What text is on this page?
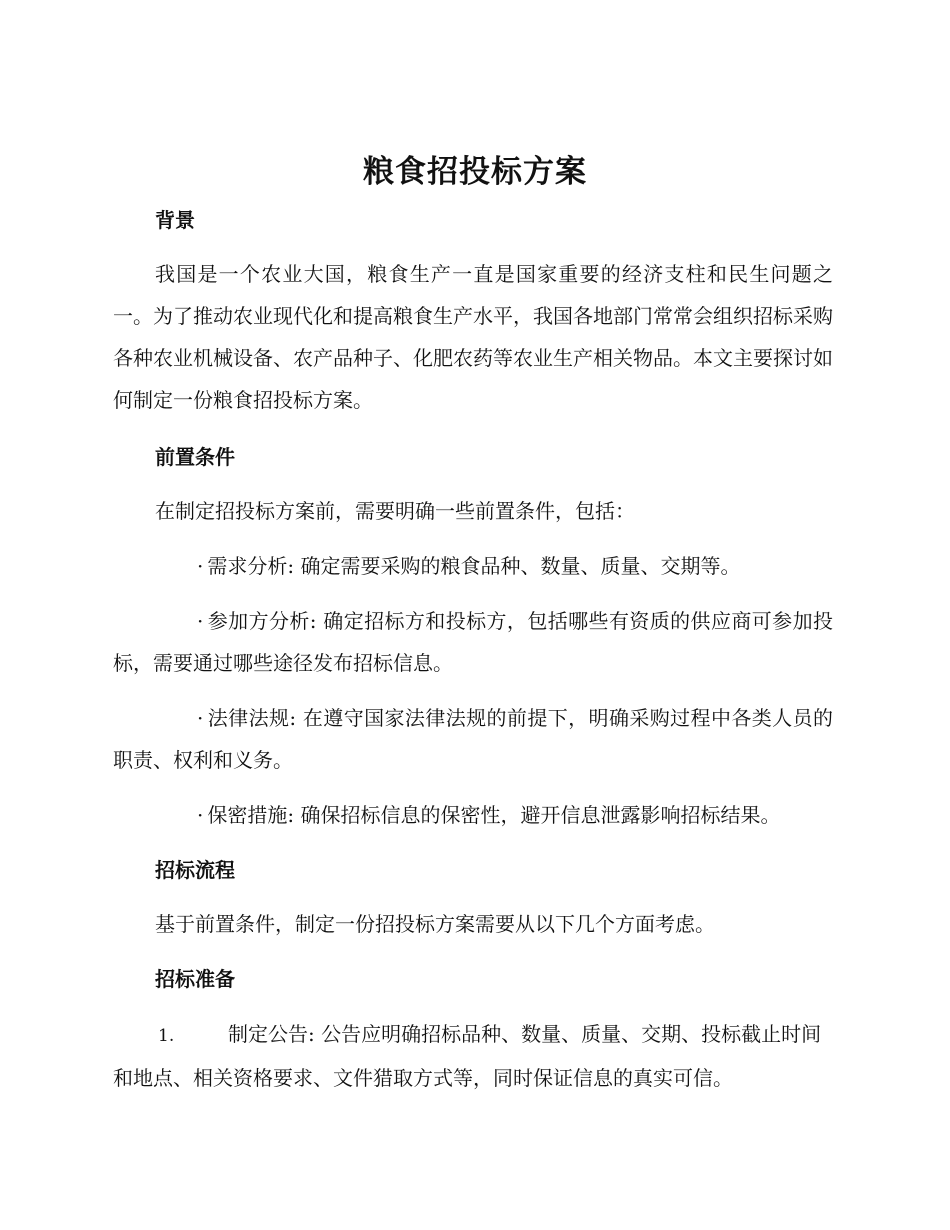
粮食招投标方案
背景

我国是一个农业大国，粮食生产一直是国家重要的经济支柱和民生问题之一。为了推动农业现代化和提高粮食生产水平，我国各地部门常常会组织招标采购各种农业机械设备、农产品种子、化肥农药等农业生产相关物品。本文主要探讨如何制定一份粮食招投标方案。

前置条件

在制定招投标方案前，需要明确一些前置条件，包括：

· 需求分析: 确定需要采购的粮食品种、数量、质量、交期等。

· 参加方分析: 确定招标方和投标方，包括哪些有资质的供应商可参加投标，需要通过哪些途径发布招标信息。

· 法律法规: 在遵守国家法律法规的前提下，明确采购过程中各类人员的职责、权利和义务。

· 保密措施: 确保招标信息的保密性，避开信息泄露影响招标结果。

招标流程

基于前置条件，制定一份招投标方案需要从以下几个方面考虑。

招标准备

1.	制定公告: 公告应明确招标品种、数量、质量、交期、投标截止时间和地点、相关资格要求、文件猎取方式等，同时保证信息的真实可信。
